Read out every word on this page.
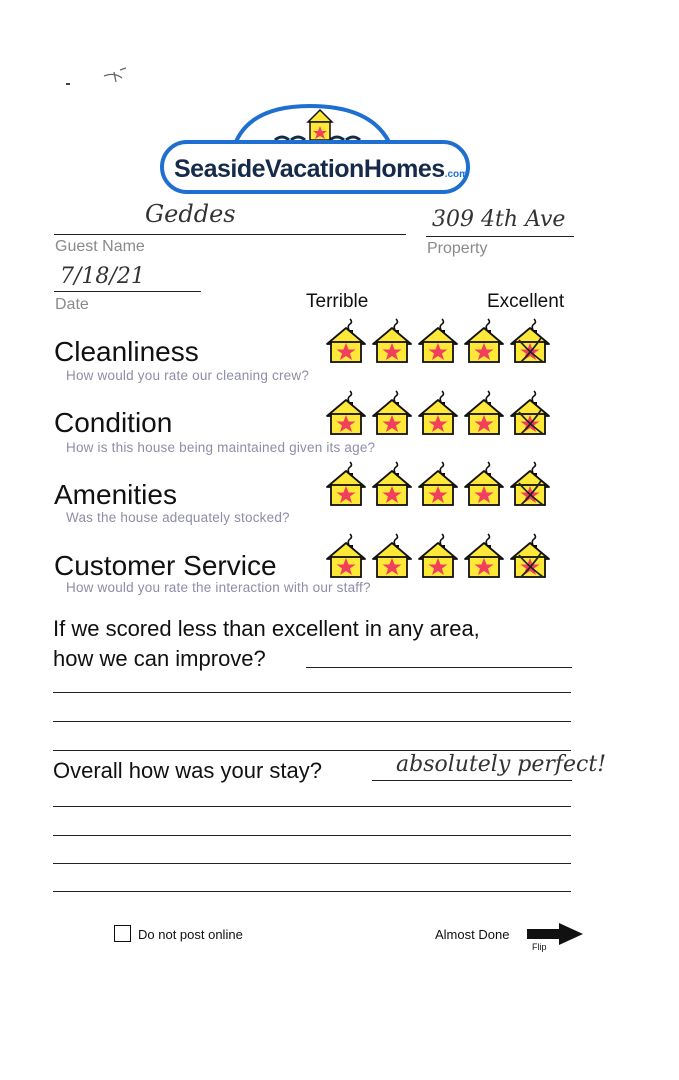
SeasideVacationHomes.com
Geddes
Guest Name
309 4th Ave
Property
7/18/21
Date	Terrible	Excellent
Cleanliness
How would you rate our cleaning crew?
Condition
How is this house being maintained given its age?
Amenities
Was the house adequately stocked?
Customer Service
How would you rate the interaction with our staff?
If we scored less than excellent in any area,
how we can improve?
Overall how was your stay?	absolutely perfect!
Do not post online	Almost Done
Flip
